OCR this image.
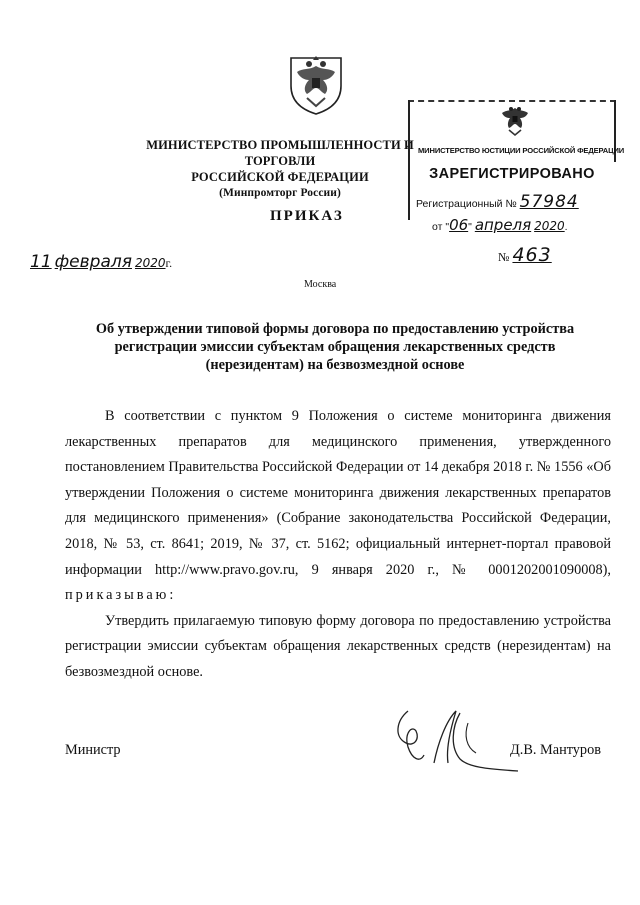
МИНИСТЕРСТВО ПРОМЫШЛЕННОСТИ И ТОРГОВЛИ
РОССИЙСКОЙ ФЕДЕРАЦИИ
(Минпромторг России)
ПРИКАЗ
МИНИСТЕРСТВО ЮСТИЦИИ РОССИЙСКОЙ ФЕДЕРАЦИИ
ЗАРЕГИСТРИРОВАНО
Регистрационный № 57984
от "06" апреля 2020.
11 февраля 2020г.	№ 463
Москва
Об утверждении типовой формы договора по предоставлению устройства
регистрации эмиссии субъектам обращения лекарственных средств
(нерезидентам) на безвозмездной основе

В соответствии с пунктом 9 Положения о системе мониторинга движения лекарственных препаратов для медицинского применения, утвержденного постановлением Правительства Российской Федерации от 14 декабря 2018 г. № 1556 «Об утверждении Положения о системе мониторинга движения лекарственных препаратов для медицинского применения» (Собрание законодательства Российской Федерации, 2018, № 53, ст. 8641; 2019, № 37, ст. 5162; официальный интернет-портал правовой информации http://www.pravo.gov.ru, 9 января 2020 г., № 0001202001090008), приказываю:

Утвердить прилагаемую типовую форму договора по предоставлению устройства регистрации эмиссии субъектам обращения лекарственных средств (нерезидентам) на безвозмездной основе.

Министр	Д.В. Мантуров
